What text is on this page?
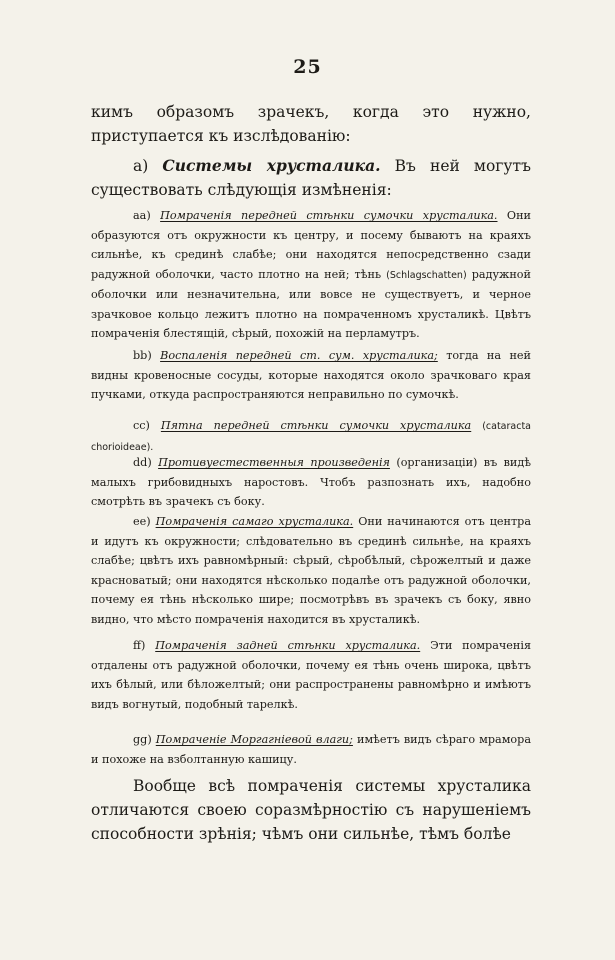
25

кимъ образомъ зрачекъ, когда это нужно, приступается къ изслѣдованію:

а) Системы хрусталика. Въ ней могутъ существовать слѣдующія измѣненія:

аа) Помраченія передней стѣнки сумочки хрусталика. Они образуются отъ окружности къ центру, и посему бываютъ на краяхъ сильнѣе, къ срединѣ слабѣе; они находятся непосредственно сзади радужной оболочки, часто плотно на ней; тѣнь (Schlagschatten) радужной оболочки или незначительна, или вовсе не существуетъ, и черное зрачковое кольцо лежитъ плотно на помраченномъ хрусталикѣ. Цвѣтъ помраченія блестящій, сѣрый, похожій на перламутръ.

bb) Воспаленія передней ст. сум. хрусталика; тогда на ней видны кровеносные сосуды, которые находятся около зрачковаго края пучками, откуда распространяются неправильно по сумочкѣ.

cc) Пятна передней стѣнки сумочки хрусталика (cataracta chorioideae).

dd) Противуестественныя произведенія (организаціи) въ видѣ малыхъ грибовидныхъ наростовъ. Чтобъ разпознать ихъ, надобно смотрѣть въ зрачекъ съ боку.

ee) Помраченія самаго хрусталика. Они начинаются отъ центра и идутъ къ окружности; слѣдовательно въ срединѣ сильнѣе, на краяхъ слабѣе; цвѣтъ ихъ равномѣрный: сѣрый, сѣробѣлый, сѣрожелтый и даже красноватый; они находятся нѣсколько подалѣе отъ радужной оболочки, почему ея тѣнь нѣсколько шире; посмотрѣвъ въ зрачекъ съ боку, явно видно, что мѣсто помраченія находится въ хрусталикѣ.

ff) Помраченія задней стѣнки хрусталика. Эти помраченія отдалены отъ радужной оболочки, почему ея тѣнь очень широка, цвѣтъ ихъ бѣлый, или бѣложелтый; они распространены равномѣрно и имѣютъ видъ вогнутый, подобный тарелкѣ.

gg) Помраченіе Моргагнiевой влаги; имѣетъ видъ сѣраго мрамора и похоже на взболтанную кашицу.

Вообще всѣ помраченія системы хрусталика отличаются своею соразмѣрностію съ нарушеніемъ способности зрѣнія; чѣмъ они сильнѣе, тѣмъ болѣе
